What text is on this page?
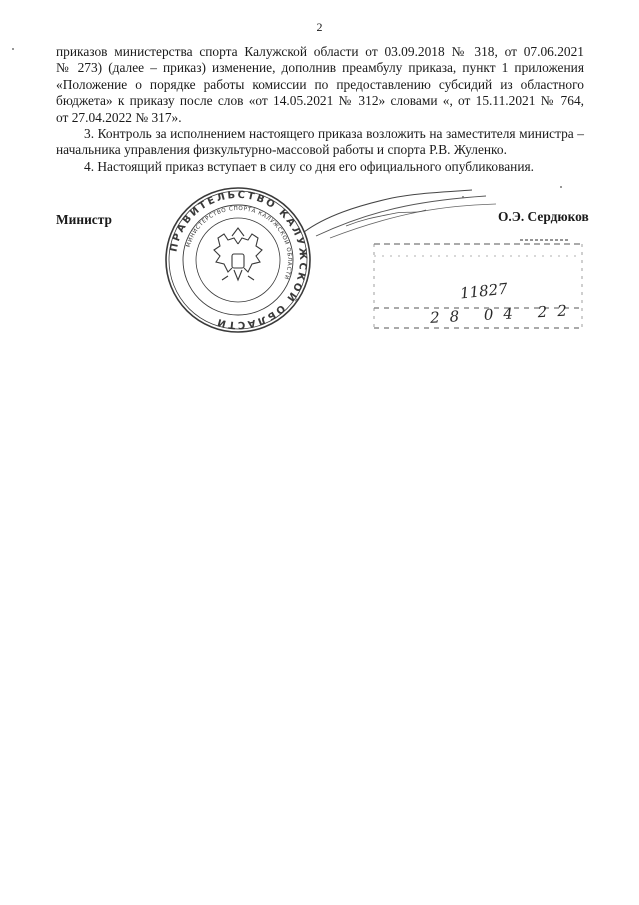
2

приказов министерства спорта Калужской области от 03.09.2018 № 318, от 07.06.2021

№ 273) (далее – приказ) изменение, дополнив преамбулу приказа, пункт 1 приложения

«Положение о порядке работы комиссии по предоставлению субсидий из областного

бюджета» к приказу после слов «от 14.05.2021 № 312» словами «, от 15.11.2021 № 764,

от 27.04.2022 № 317».

3. Контроль за исполнением настоящего приказа возложить на заместителя министра –

начальника управления физкультурно-массовой работы и спорта Р.В. Жуленко.

4. Настоящий приказ вступает в силу со дня его официального опубликования.

Министр	О.Э. Сердюков
ПРАВИТЕЛЬСТВО КАЛУЖСКОЙ ОБЛАСТИ
МИНИСТЕРСТВО СПОРТА КАЛУЖСКОЙ ОБЛАСТИ
11827
28 04 22
